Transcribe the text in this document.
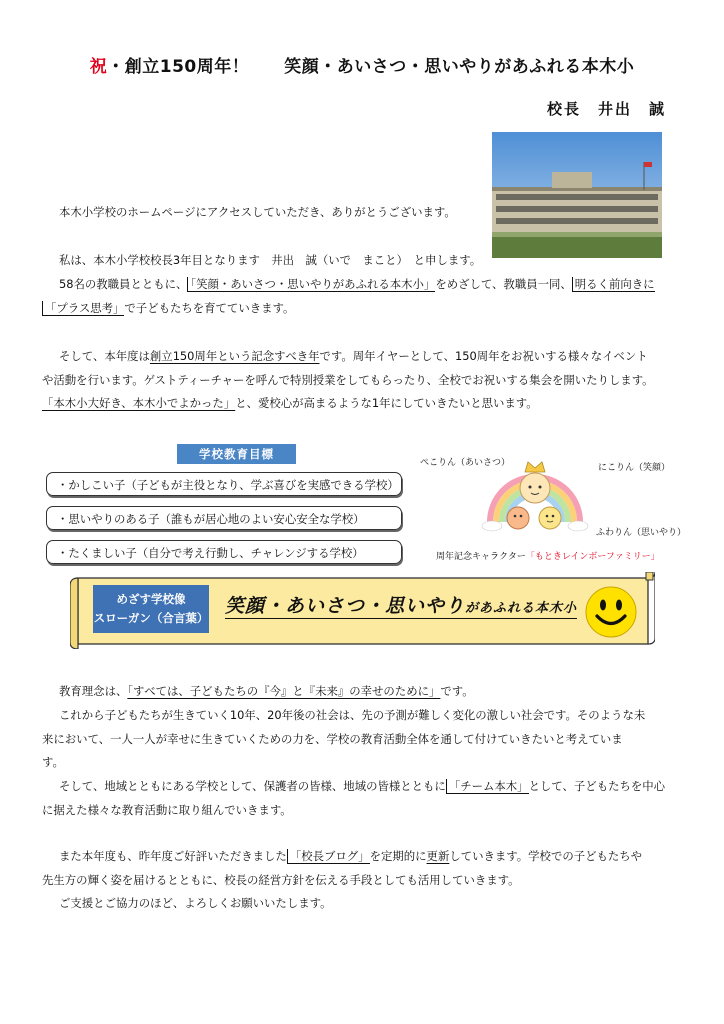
祝・創立150周年！　　笑顔・あいさつ・思いやりがあふれる本木小
校長　井出　誠
本木小学校のホームページにアクセスしていただき、ありがとうございます。
私は、本木小学校校長3年目となります　井出　誠（いで　まこと）　と申します。
58名の教職員とともに、 「笑顔・あいさつ・思いやりがあふれる本木小」をめざして、教職員一同、 明るく前向きに
「プラス思考」で子どもたちを育てていきます。
そして、本年度は創立150周年という記念すべき年です。周年イヤーとして、150周年をお祝いする様々なイベント
や活動を行います。ゲストティーチャーを呼んで特別授業をしてもらったり、全校でお祝いする集会を開いたりします。
「本木小大好き、本木小でよかった」と、愛校心が高まるような1年にしていきたいと思います。
学校教育目標
・かしこい子（子どもが主役となり、学ぶ喜びを実感できる学校）
・思いやりのある子（誰もが居心地のよい安心安全な学校）
・たくましい子（自分で考え行動し、チャレンジする学校）
ぺこりん（あいさつ）	にこりん（笑顔）
ふわりん（思いやり）
周年記念キャラクター「もときレインボーファミリー」
めざす学校像
スローガン（合言葉）
笑顔・あいさつ・思いやりがあふれる本木小
教育理念は、「すべては、子どもたちの『今』と『未来』の幸せのために」です。
これから子どもたちが生きていく10年、20年後の社会は、先の予測が難しく変化の激しい社会です。そのような未
来において、一人一人が幸せに生きていくための力を、学校の教育活動全体を通して付けていきたいと考えていま
す。
そして、地域とともにある学校として、保護者の皆様、地域の皆様とともに 「チーム本木」として、子どもたちを中心
に据えた様々な教育活動に取り組んでいきます。
また本年度も、昨年度ご好評いただきました 「校長ブログ」を定期的に更新していきます。学校での子どもたちや
先生方の輝く姿を届けるとともに、校長の経営方針を伝える手段としても活用していきます。
ご支援とご協力のほど、よろしくお願いいたします。
